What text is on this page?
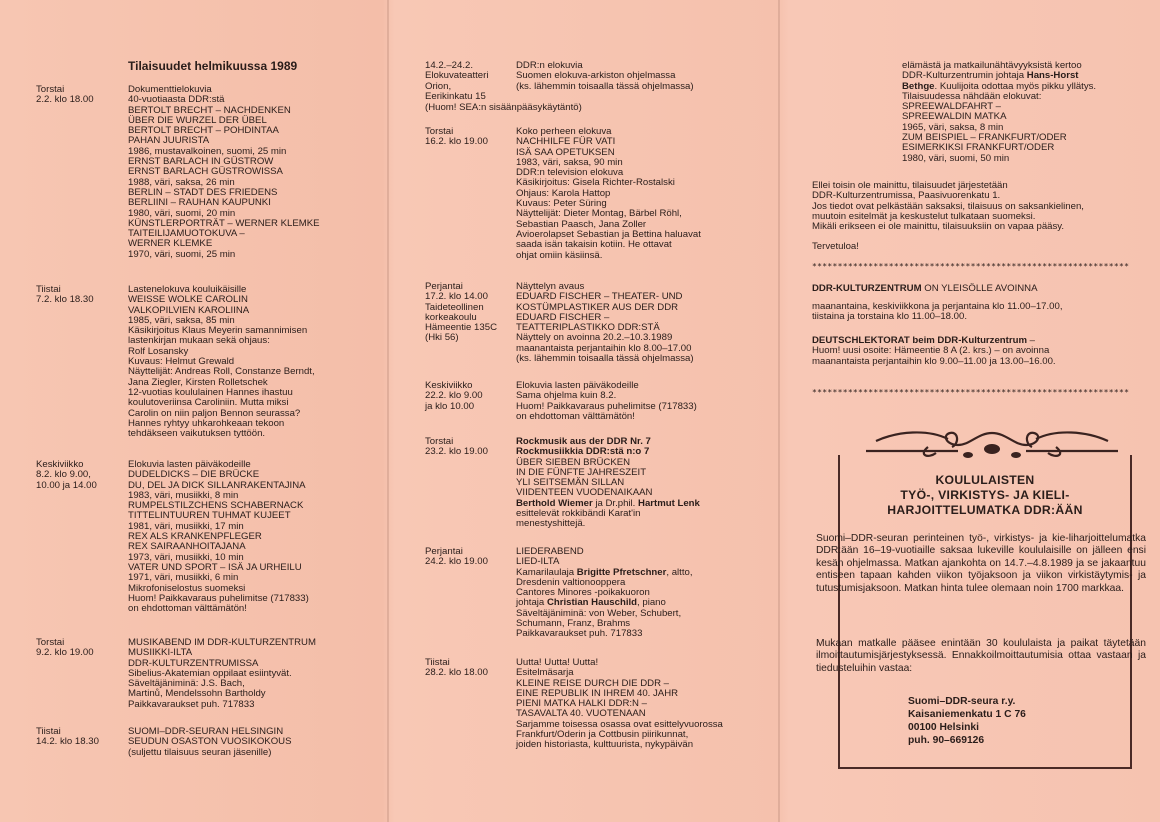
Tilaisuudet helmikuussa 1989
Torstai
2.2. klo 18.00
Dokumenttielokuvia
40-vuotiaasta DDR:stä
BERTOLT BRECHT – NACHDENKEN
ÜBER DIE WURZEL DER ÜBEL
BERTOLT BRECHT – POHDINTAA
PAHAN JUURISTA
1986, mustavalkoinen, suomi, 25 min
ERNST BARLACH IN GÜSTROW
ERNST BARLACH GÜSTROWISSA
1988, väri, saksa, 26 min
BERLIN – STADT DES FRIEDENS
BERLIINI – RAUHAN KAUPUNKI
1980, väri, suomi, 20 min
KÜNSTLERPORTRÄT – WERNER KLEMKE
TAITEILIJAMUOTOKUVA –
WERNER KLEMKE
1970, väri, suomi, 25 min
Tiistai
7.2. klo 18.30
Lastenelokuva kouluikäisille
WEISSE WOLKE CAROLIN
VALKOPILVIEN KAROLIINA
1985, väri, saksa, 85 min
Käsikirjoitus Klaus Meyerin samannimisen
lastenkirjan mukaan sekä ohjaus:
Rolf Losansky
Kuvaus: Helmut Grewald
Näyttelijät: Andreas Roll, Constanze Berndt,
Jana Ziegler, Kirsten Rolletschek
12-vuotias koululainen Hannes ihastuu
koulutoveriinsa Caroliniin. Mutta miksi
Carolin on niin paljon Bennon seurassa?
Hannes ryhtyy uhkarohkeaan tekoon
tehdäkseen vaikutuksen tyttöön.
Keskiviikko
8.2. klo 9.00,
10.00 ja 14.00
Elokuvia lasten päiväkodeille
DUDELDICKS – DIE BRÜCKE
DU, DEL JA DICK SILLANRAKENTAJINA
1983, väri, musiikki, 8 min
RUMPELSTILZCHENS SCHABERNACK
TITTELINTUUREN TUHMAT KUJEET
1981, väri, musiikki, 17 min
REX ALS KRANKENPFLEGER
REX SAIRAANHOITAJANA
1973, väri, musiikki, 10 min
VATER UND SPORT – ISÄ JA URHEILU
1971, väri, musiikki, 6 min
Mikrofoniselostus suomeksi
Huom! Paikkavaraus puhelimitse (717833)
on ehdottoman välttämätön!
Torstai
9.2. klo 19.00
MUSIKABEND IM DDR-KULTURZENTRUM
MUSIIKKI-ILTA
DDR-KULTURZENTRUMISSA
Sibelius-Akatemian oppilaat esiintyvät.
Säveltäjäniminä: J.S. Bach,
Martinů, Mendelssohn Bartholdy
Paikkavaraukset puh. 717833
Tiistai
14.2. klo 18.30
SUOMI–DDR-SEURAN HELSINGIN
SEUDUN OSASTON VUOSIKOKOUS
(suljettu tilaisuus seuran jäsenille)
14.2.–24.2.
Elokuvateatteri
Orion,
Eerikinkatu 15
DDR:n elokuvia
Suomen elokuva-arkiston ohjelmassa
(ks. lähemmin toisaalla tässä ohjelmassa)
(Huom! SEA:n sisäänpääsykäytäntö)
Torstai
16.2. klo 19.00
Koko perheen elokuva
NACHHILFE FÜR VATI
ISÄ SAA OPETUKSEN
1983, väri, saksa, 90 min
DDR:n television elokuva
Käsikirjoitus: Gisela Richter-Rostalski
Ohjaus: Karola Hattop
Kuvaus: Peter Süring
Näyttelijät: Dieter Montag, Bärbel Röhl,
Sebastian Paasch, Jana Zoller
Avioerolapset Sebastian ja Bettina haluavat
saada isän takaisin kotiin. He ottavat
ohjat omiin käsiinsä.
Perjantai
17.2. klo 14.00
Taideteollinen
korkeakoulu
Hämeentie 135C
(Hki 56)
Näyttelyn avaus
EDUARD FISCHER – THEATER- UND
KOSTÜMPLASTIKER AUS DER DDR
EDUARD FISCHER –
TEATTERIPLASTIKKO DDR:STÄ
Näyttely on avoinna 20.2.–10.3.1989
maanantaista perjantaihin klo 8.00–17.00
(ks. lähemmin toisaalla tässä ohjelmassa)
Keskiviikko
22.2. klo 9.00
ja klo 10.00
Elokuvia lasten päiväkodeille
Sama ohjelma kuin 8.2.
Huom! Paikkavaraus puhelimitse (717833)
on ehdottoman välttämätön!
Torstai
23.2. klo 19.00
Rockmusik aus der DDR Nr. 7
Rockmusiikkia DDR:stä n:o 7
ÜBER SIEBEN BRÜCKEN
IN DIE FÜNFTE JAHRESZEIT
YLI SEITSEMÄN SILLAN
VIIDENTEEN VUODENAIKAAN
Berthold Wiemer ja Dr.phil. Hartmut Lenk
esittelevät rokkibändi Karat'in
menestyshittejä.
Perjantai
24.2. klo 19.00
LIEDERABEND
LIED-ILTA
Kamarilaulaja Brigitte Pfretschner, altto,
Dresdenin valtionooppera
Cantores Minores -poikakuoron
johtaja Christian Hauschild, piano
Säveltäjäniminä: von Weber, Schubert,
Schumann, Franz, Brahms
Paikkavaraukset puh. 717833
Tiistai
28.2. klo 18.00
Uutta! Uutta! Uutta!
Esitelmäsarja
KLEINE REISE DURCH DIE DDR –
EINE REPUBLIK IN IHREM 40. JAHR
PIENI MATKA HALKI DDR:N –
TASAVALTA 40. VUOTENAAN
Sarjamme toisessa osassa ovat esittelyvuorossa
Frankfurt/Oderin ja Cottbusin piirikunnat,
joiden historiasta, kulttuurista, nykypäivän
elämästä ja matkailunähtävyyksistä kertoo
DDR-Kulturzentrumin johtaja Hans-Horst
Bethge. Kuulijoita odottaa myös pikku yllätys.
Tilaisuudessa nähdään elokuvat:
SPREEWALDFAHRT –
SPREEWALDIN MATKA
1965, väri, saksa, 8 min
ZUM BEISPIEL – FRANKFURT/ODER
ESIMERKIKSI FRANKFURT/ODER
1980, väri, suomi, 50 min
Ellei toisin ole mainittu, tilaisuudet järjestetään
DDR-Kulturzentrumissa, Paasivuorenkatu 1.
Jos tiedot ovat pelkästään saksaksi, tilaisuus on saksankielinen,
muutoin esitelmät ja keskustelut tulkataan suomeksi.
Mikäli erikseen ei ole mainittu, tilaisuuksiin on vapaa pääsy.
Tervetuloa!
**************************************************************
DDR-KULTURZENTRUM ON YLEISÖLLE AVOINNA
maanantaina, keskiviikkona ja perjantaina klo 11.00–17.00,
tiistaina ja torstaina klo 11.00–18.00.
DEUTSCHLEKTORAT beim DDR-Kulturzentrum –
Huom! uusi osoite: Hämeentie 8 A (2. krs.) – on avoinna
maanantaista perjantaihin klo 9.00–11.00 ja 13.00–16.00.
**************************************************************
KOULULAISTEN
TYÖ-, VIRKISTYS- JA KIELI-
HARJOITTELUMATKA DDR:ÄÄN
Suomi–DDR-seuran perinteinen työ-, virkistys- ja kie-liharjoittelumatka DDR:ään 16–19-vuotiaille saksaa lukeville koululaisille on jälleen ensi kesän ohjelmassa. Matkan ajankohta on 14.7.–4.8.1989 ja se jakaantuu entiseen tapaan kahden viikon työjaksoon ja viikon virkistäytymis- ja tutustumisjaksoon. Matkan hinta tulee olemaan noin 1700 markkaa.
Mukaan matkalle pääsee enintään 30 koululaista ja paikat täytetään ilmoittautumisjärjestyksessä. Ennakkoilmoittautumisia ottaa vastaan ja tiedusteluihin vastaa:
Suomi–DDR-seura r.y.
Kaisaniemenkatu 1 C 76
00100 Helsinki
puh. 90–669126
